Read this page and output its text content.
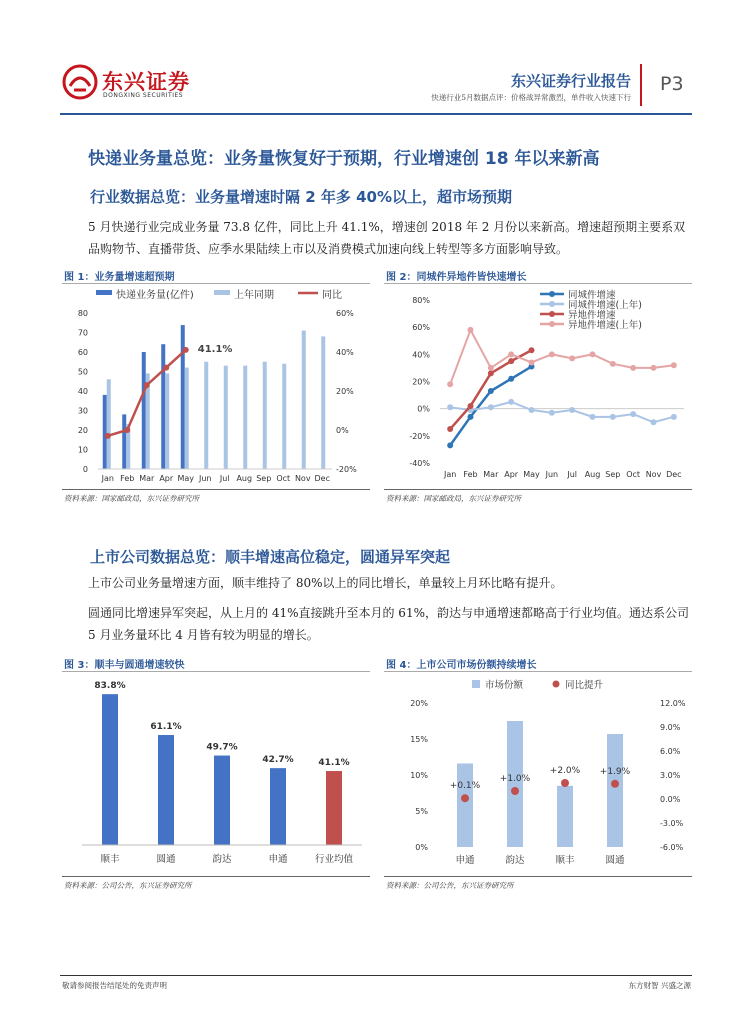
东兴证券
DONGXING SECURITIES
东兴证券行业报告
快递行业5月数据点评：价格战异常激烈，单件收入快速下行
P3
快递业务量总览：业务量恢复好于预期，行业增速创 18 年以来新高
行业数据总览：业务量增速时隔 2 年多 40%以上，超市场预期
5 月快递行业完成业务量 73.8 亿件，同比上升 41.1%，增速创 2018 年 2 月份以来新高。增速超预期主要系双品购物节、直播带货、应季水果陆续上市以及消费模式加速向线上转型等多方面影响导致。
图 1：业务量增速超预期	图 2：同城件异地件皆快速增长
快递业务量(亿件)	上年同期	同比
0
10
20
30
40
50
60
70
80
-20%
0%
20%
40%
60%
Jan Feb Mar Apr May Jun Jul Aug Sep Oct Nov Dec
41.1%
-40%
-20%
0%
20%
40%
60%
80%
Jan Feb Mar Apr May Jun Jul Aug Sep Oct Nov Dec
同城件增速
同城件增速(上年)
异地件增速
异地件增速(上年)
资料来源：国家邮政局，东兴证券研究所	资料来源：国家邮政局，东兴证券研究所
上市公司数据总览：顺丰增速高位稳定，圆通异军突起
上市公司业务量增速方面，顺丰维持了 80%以上的同比增长，单量较上月环比略有提升。
圆通同比增速异军突起，从上月的 41%直接跳升至本月的 61%，韵达与申通增速都略高于行业均值。通达系公司 5 月业务量环比 4 月皆有较为明显的增长。
图 3：顺丰与圆通增速较快	图 4：上市公司市场份额持续增长
83.8%
顺丰
61.1%
圆通
49.7%
韵达
42.7%
申通
41.1%
行业均值
市场份额	同比提升
0%
5%
10%
15%
20%
-6.0%
-3.0%
0.0%
3.0%
6.0%
9.0%
12.0%
+0.1%
申通
+1.0%
韵达
+2.0%
顺丰
+1.9%
圆通
资料来源：公司公告，东兴证券研究所	资料来源：公司公告，东兴证券研究所
敬请参阅报告结尾处的免责声明	东方财智 兴盛之源
